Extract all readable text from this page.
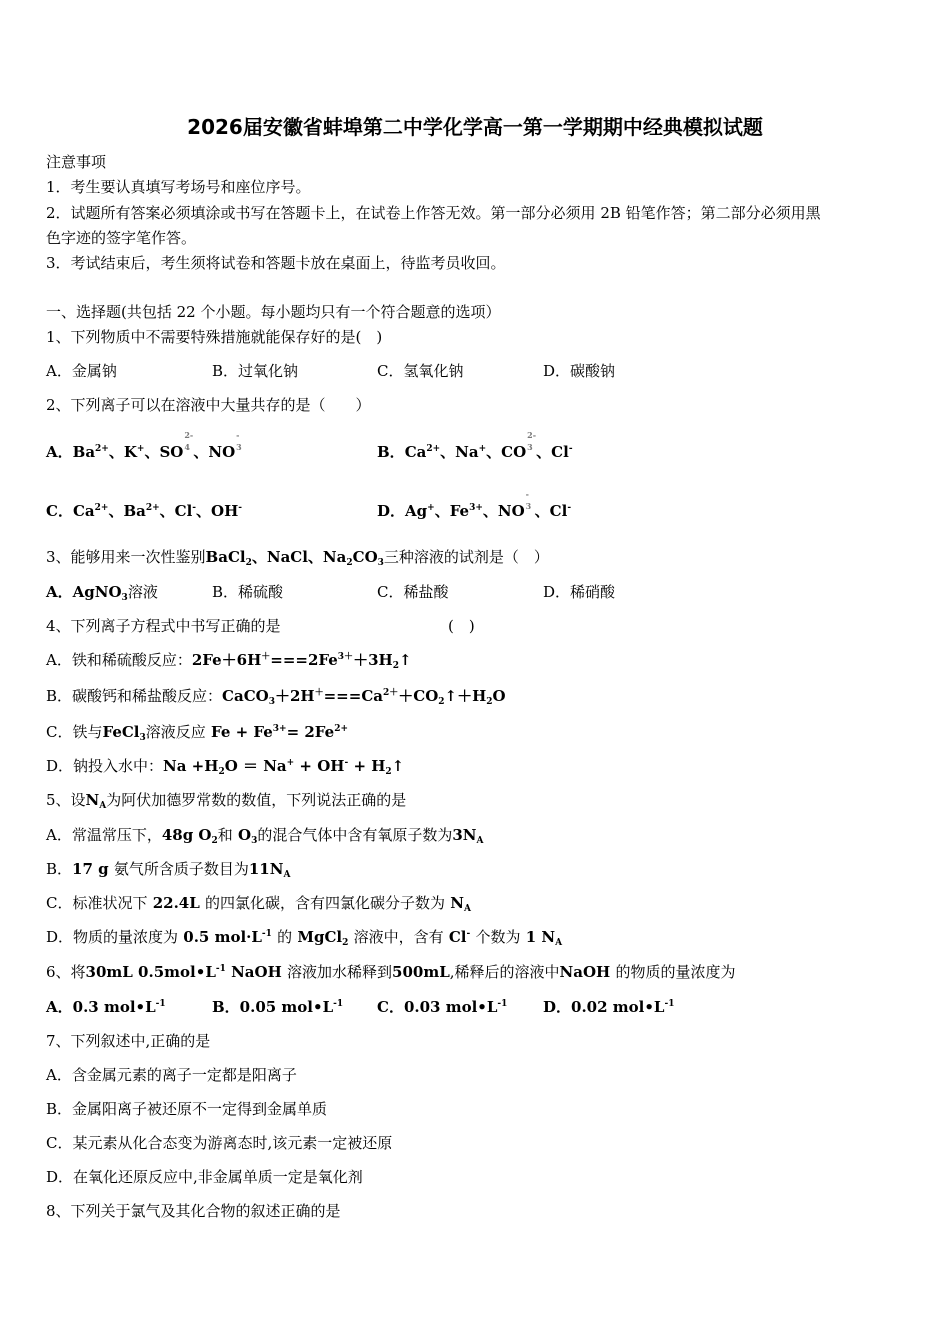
2026届安徽省蚌埠第二中学化学高一第一学期期中经典模拟试题
注意事项
1．考生要认真填写考场号和座位序号。
2．试题所有答案必须填涂或书写在答题卡上，在试卷上作答无效。第一部分必须用 2B 铅笔作答；第二部分必须用黑
色字迹的签字笔作答。
3．考试结束后，考生须将试卷和答题卡放在桌面上，待监考员收回。
一、选择题(共包括 22 个小题。每小题均只有一个符合题意的选项）
1、下列物质中不需要特殊措施就能保存好的是(　)
A．金属钠	B．过氧化钠	C．氢氧化钠	D．碳酸钠
2、下列离子可以在溶液中大量共存的是（　　）
A．$Ba^{2+}$、K+、SO
2-
4 、NO
-
3	B．$Ca^{2+}$、Na+、CO
2-
3 、Cl-
C．$Ca^{2+}$、$Ba^{2+}$、Cl-、OH-	D．Ag+、$Fe^{3+}$、NO
-
3 、Cl-
3、能够用来一次性鉴别BaCl$_2$、NaCl、$Na_2CO_3$三种溶液的试剂是（　）
A．AgNO$_3$溶液	B．稀硫酸	C．稀盐酸	D．稀硝酸
4、下列离子方程式中书写正确的是	(　)
A．铁和稀硫酸反应：$2Fe+6H^+===2Fe^{3+}+3H_2↑$
B．碳酸钙和稀盐酸反应：$CaCO_3+2H^+===Ca^{2+}+CO_2↑+H_2O$
C．铁与FeCl$_3$溶液反应 $Fe + Fe^{3+}= 2Fe^{2+}$
D．钠投入水中：$Na +H_2O = Na^+ + OH^-$ + $H_2↑$
5、设$N_A$为阿伏加德罗常数的数值，下列说法正确的是
A．常温常压下，48g $O_2$和 $O_3$的混合气体中含有氧原子数为$3N_A$
B．17 g 氨气所含质子数目为$11N_A$
C．标准状况下 22.4L 的四氯化碳，含有四氯化碳分子数为 $N_A$
D．物质的量浓度为 0.5 $mol\cdot L^{-1}$ 的 MgCl$_2$ 溶液中，含有 Cl- 个数为 1 $N_A$
6、将30mL $0.5mol•L^{-1}$ NaOH 溶液加水稀释到500mL,稀释后的溶液中NaOH 的物质的量浓度为
A．0.3 $mol•L^{-1}$	B．0.05 $mol•L^{-1}$ C．0.03 $mol•L^{-1}$ D．0.02 $mol•L^{-1}$
7、下列叙述中,正确的是
A．含金属元素的离子一定都是阳离子
B．金属阳离子被还原不一定得到金属单质
C．某元素从化合态变为游离态时,该元素一定被还原
D．在氧化还原反应中,非金属单质一定是氧化剂
8、下列关于氯气及其化合物的叙述正确的是
